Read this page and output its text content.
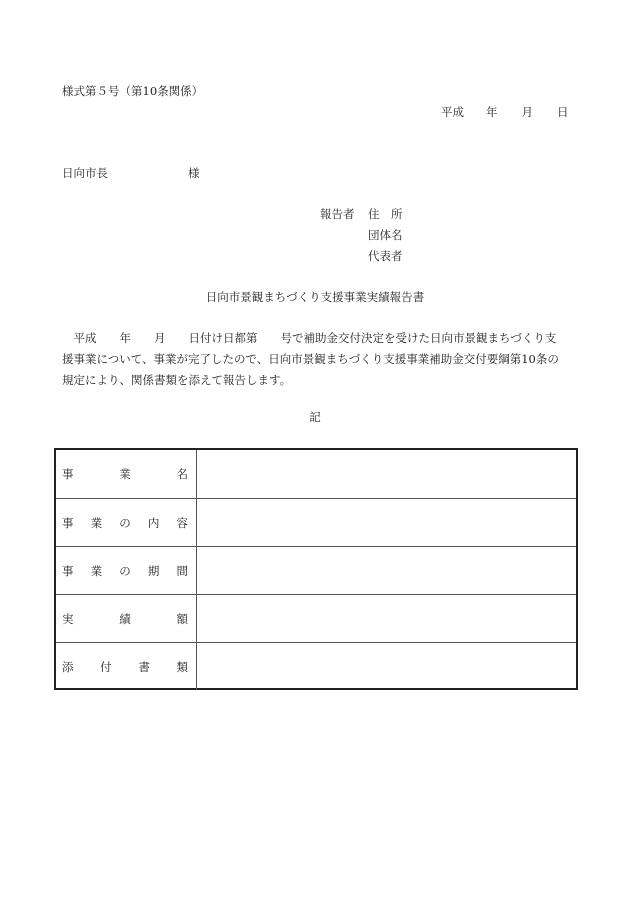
様式第５号（第10条関係）
平成 年 月 日
日向市長	様
報告者 住　所
団体名
代表者
日向市景観まちづくり支援事業実績報告書
　平成　　年　　月　　日付け日都第　　号で補助金交付決定を受けた日向市景観まちづくり支
援事業について、事業が完了したので、日向市景観まちづくり支援事業補助金交付要綱第10条の
規定により、関係書類を添えて報告します。
記
事	業	名
事 業 の 内 容
事 業 の 期 間
実	績	額
添 付 書 類
